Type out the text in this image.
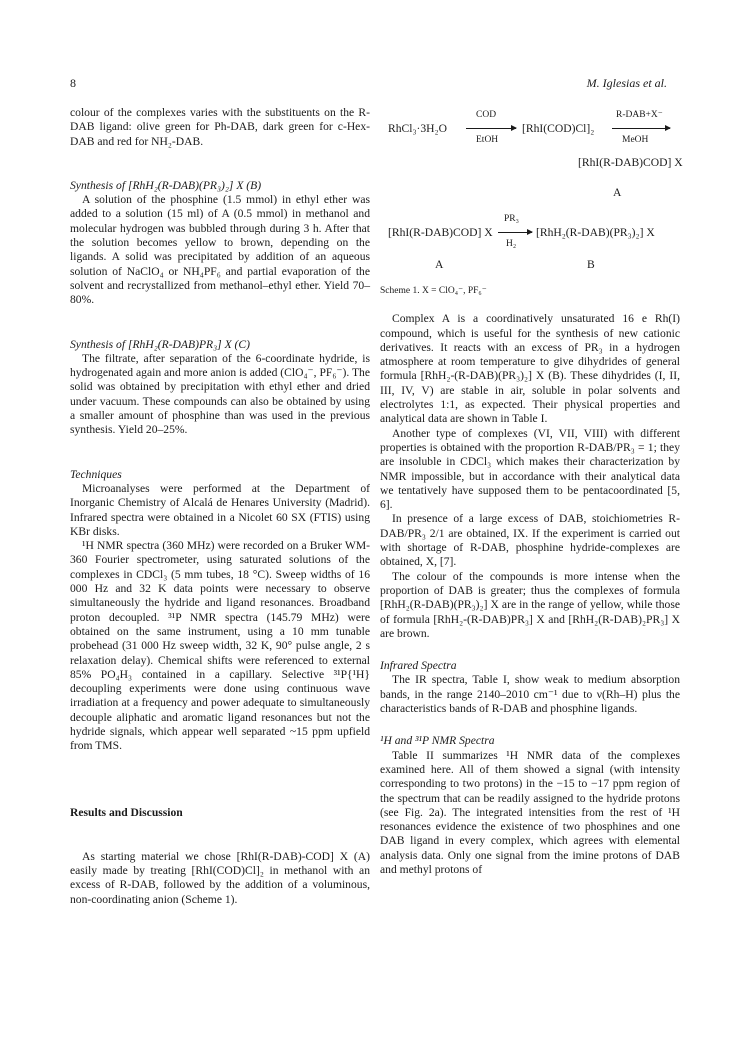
8	M. Iglesias et al.

colour of the complexes varies with the substituents on the R-DAB ligand: olive green for Ph-DAB, dark green for c-Hex-DAB and red for NH₂-DAB.

Synthesis of [RhH₂(R-DAB)(PR₃)₂] X (B)

A solution of the phosphine (1.5 mmol) in ethyl ether was added to a solution (15 ml) of A (0.5 mmol) in methanol and molecular hydrogen was bubbled through during 3 h. After that the solution becomes yellow to brown, depending on the ligands. A solid was precipitated by addition of an aqueous solution of NaClO₄ or NH₄PF₆ and partial evaporation of the solvent and recrystallized from methanol–ethyl ether. Yield 70–80%.

Synthesis of [RhH₂(R-DAB)PR₃] X (C)

The filtrate, after separation of the 6-coordinate hydride, is hydrogenated again and more anion is added (ClO₄⁻, PF₆⁻). The solid was obtained by precipitation with ethyl ether and dried under vacuum. These compounds can also be obtained by using a smaller amount of phosphine than was used in the previous synthesis. Yield 20–25%.

Techniques

Microanalyses were performed at the Department of Inorganic Chemistry of Alcalá de Henares University (Madrid). Infrared spectra were obtained in a Nicolet 60 SX (FTIS) using KBr disks.

¹H NMR spectra (360 MHz) were recorded on a Bruker WM-360 Fourier spectrometer, using saturated solutions of the complexes in CDCl₃ (5 mm tubes, 18 °C). Sweep widths of 16 000 Hz and 32 K data points were necessary to observe simultaneously the hydride and ligand resonances. Broadband proton decoupled. ³¹P NMR spectra (145.79 MHz) were obtained on the same instrument, using a 10 mm tunable probehead (31 000 Hz sweep width, 32 K, 90° pulse angle, 2 s relaxation delay). Chemical shifts were referenced to external 85% PO₄H₃ contained in a capillary. Selective ³¹P{¹H} decoupling experiments were done using continuous wave irradiation at a frequency and power adequate to simultaneously decouple aliphatic and aromatic ligand resonances but not the hydride signals, which appear well separated ~15 ppm upfield from TMS.

Results and Discussion

As starting material we chose [RhI(R-DAB)-COD] X (A) easily made by treating [RhI(COD)Cl]₂ in methanol with an excess of R-DAB, followed by the addition of a voluminous, non-coordinating anion (Scheme 1).

RhCl₃·3H₂O
COD
EtOH
[RhI(COD)Cl]₂
R-DAB+X⁻
MeOH
[RhI(R-DAB)COD] X
A
[RhI(R-DAB)COD] X
PR₃
H₂
[RhH₂(R-DAB)(PR₃)₂] X
A	B

Scheme 1. X = ClO₄⁻, PF₆⁻

Complex A is a coordinatively unsaturated 16 e Rh(I) compound, which is useful for the synthesis of new cationic derivatives. It reacts with an excess of PR₃ in a hydrogen atmosphere at room temperature to give dihydrides of general formula [RhH₂-(R-DAB)(PR₃)₂] X (B). These dihydrides (I, II, III, IV, V) are stable in air, soluble in polar solvents and electrolytes 1:1, as expected. Their physical properties and analytical data are shown in Table I.

Another type of complexes (VI, VII, VIII) with different properties is obtained with the proportion R-DAB/PR₃ = 1; they are insoluble in CDCl₃ which makes their characterization by NMR impossible, but in accordance with their analytical data we tentatively have supposed them to be pentacoordinated [5, 6].

In presence of a large excess of DAB, stoichiometries R-DAB/PR₃ 2/1 are obtained, IX. If the experiment is carried out with shortage of R-DAB, phosphine hydride-complexes are obtained, X, [7].

The colour of the compounds is more intense when the proportion of DAB is greater; thus the complexes of formula [RhH₂(R-DAB)(PR₃)₂] X are in the range of yellow, while those of formula [RhH₂-(R-DAB)PR₃] X and [RhH₂(R-DAB)₂PR₃] X are brown.

Infrared Spectra

The IR spectra, Table I, show weak to medium absorption bands, in the range 2140–2010 cm⁻¹ due to ν(Rh–H) plus the characteristics bands of R-DAB and phosphine ligands.

¹H and ³¹P NMR Spectra

Table II summarizes ¹H NMR data of the complexes examined here. All of them showed a signal (with intensity corresponding to two protons) in the −15 to −17 ppm region of the spectrum that can be readily assigned to the hydride protons (see Fig. 2a). The integrated intensities from the rest of ¹H resonances evidence the existence of two phosphines and one DAB ligand in every complex, which agrees with elemental analysis data. Only one signal from the imine protons of DAB and methyl protons of
